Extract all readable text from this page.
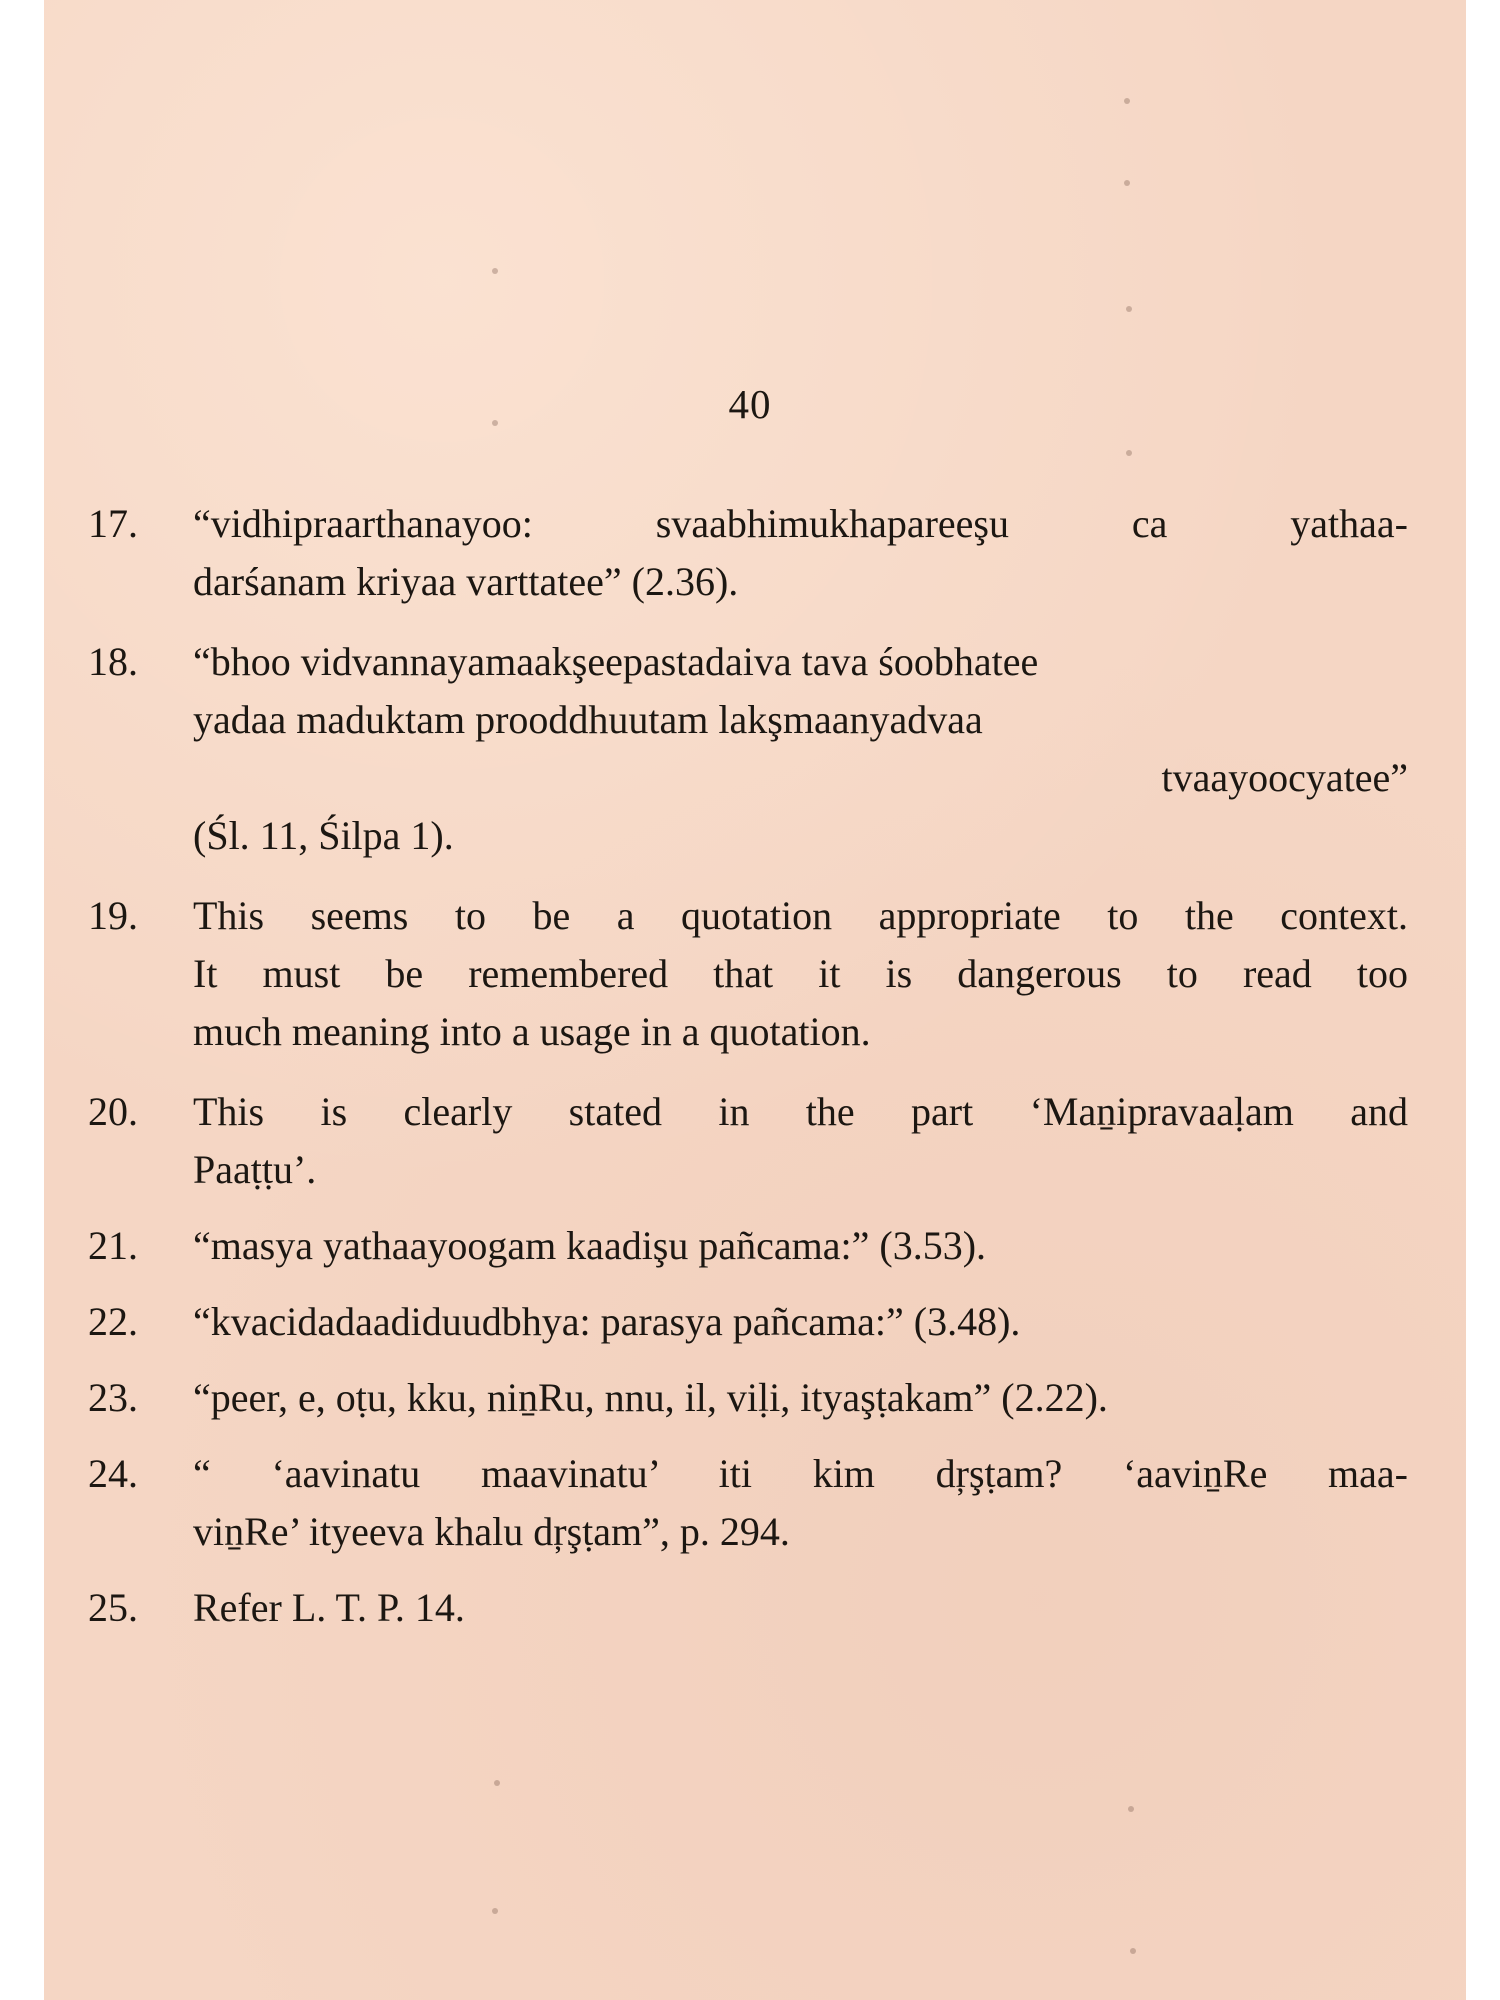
40
17.	“vidhipraarthanayoo: svaabhimukhapareeşu ca yathaa-
darśanam kriyaa varttatee” (2.36).
18.	“bhoo vidvannayamaakşeepastadaiva tava śoobhatee
yadaa maduktam prooddhuutam lakşmaanyadvaa
tvaayoocyatee”
(Śl. 11, Śilpa 1).
19.	This seems to be a quotation appropriate to the context.
It must be remembered that it is dangerous to read too
much meaning into a usage in a quotation.
20.	This is clearly stated in the part ‘Maṉipravaaḷam and
Paaṭṭu’.
21.	“masya yathaayoogam kaadişu pañcama:” (3.53).
22.	“kvacidadaadiduudbhya: parasya pañcama:” (3.48).
23.	“peer, e, oṭu, kku, niṉRu, nnu, il, viḷi, ityaşṭakam” (2.22).
24.	“ ‘aavinatu maavinatu’ iti kim dŗşṭam? ‘aaviṉRe maa-
viṉRe’ ityeeva khalu dŗşṭam”, p. 294.
25.	Refer L. T. P. 14.
